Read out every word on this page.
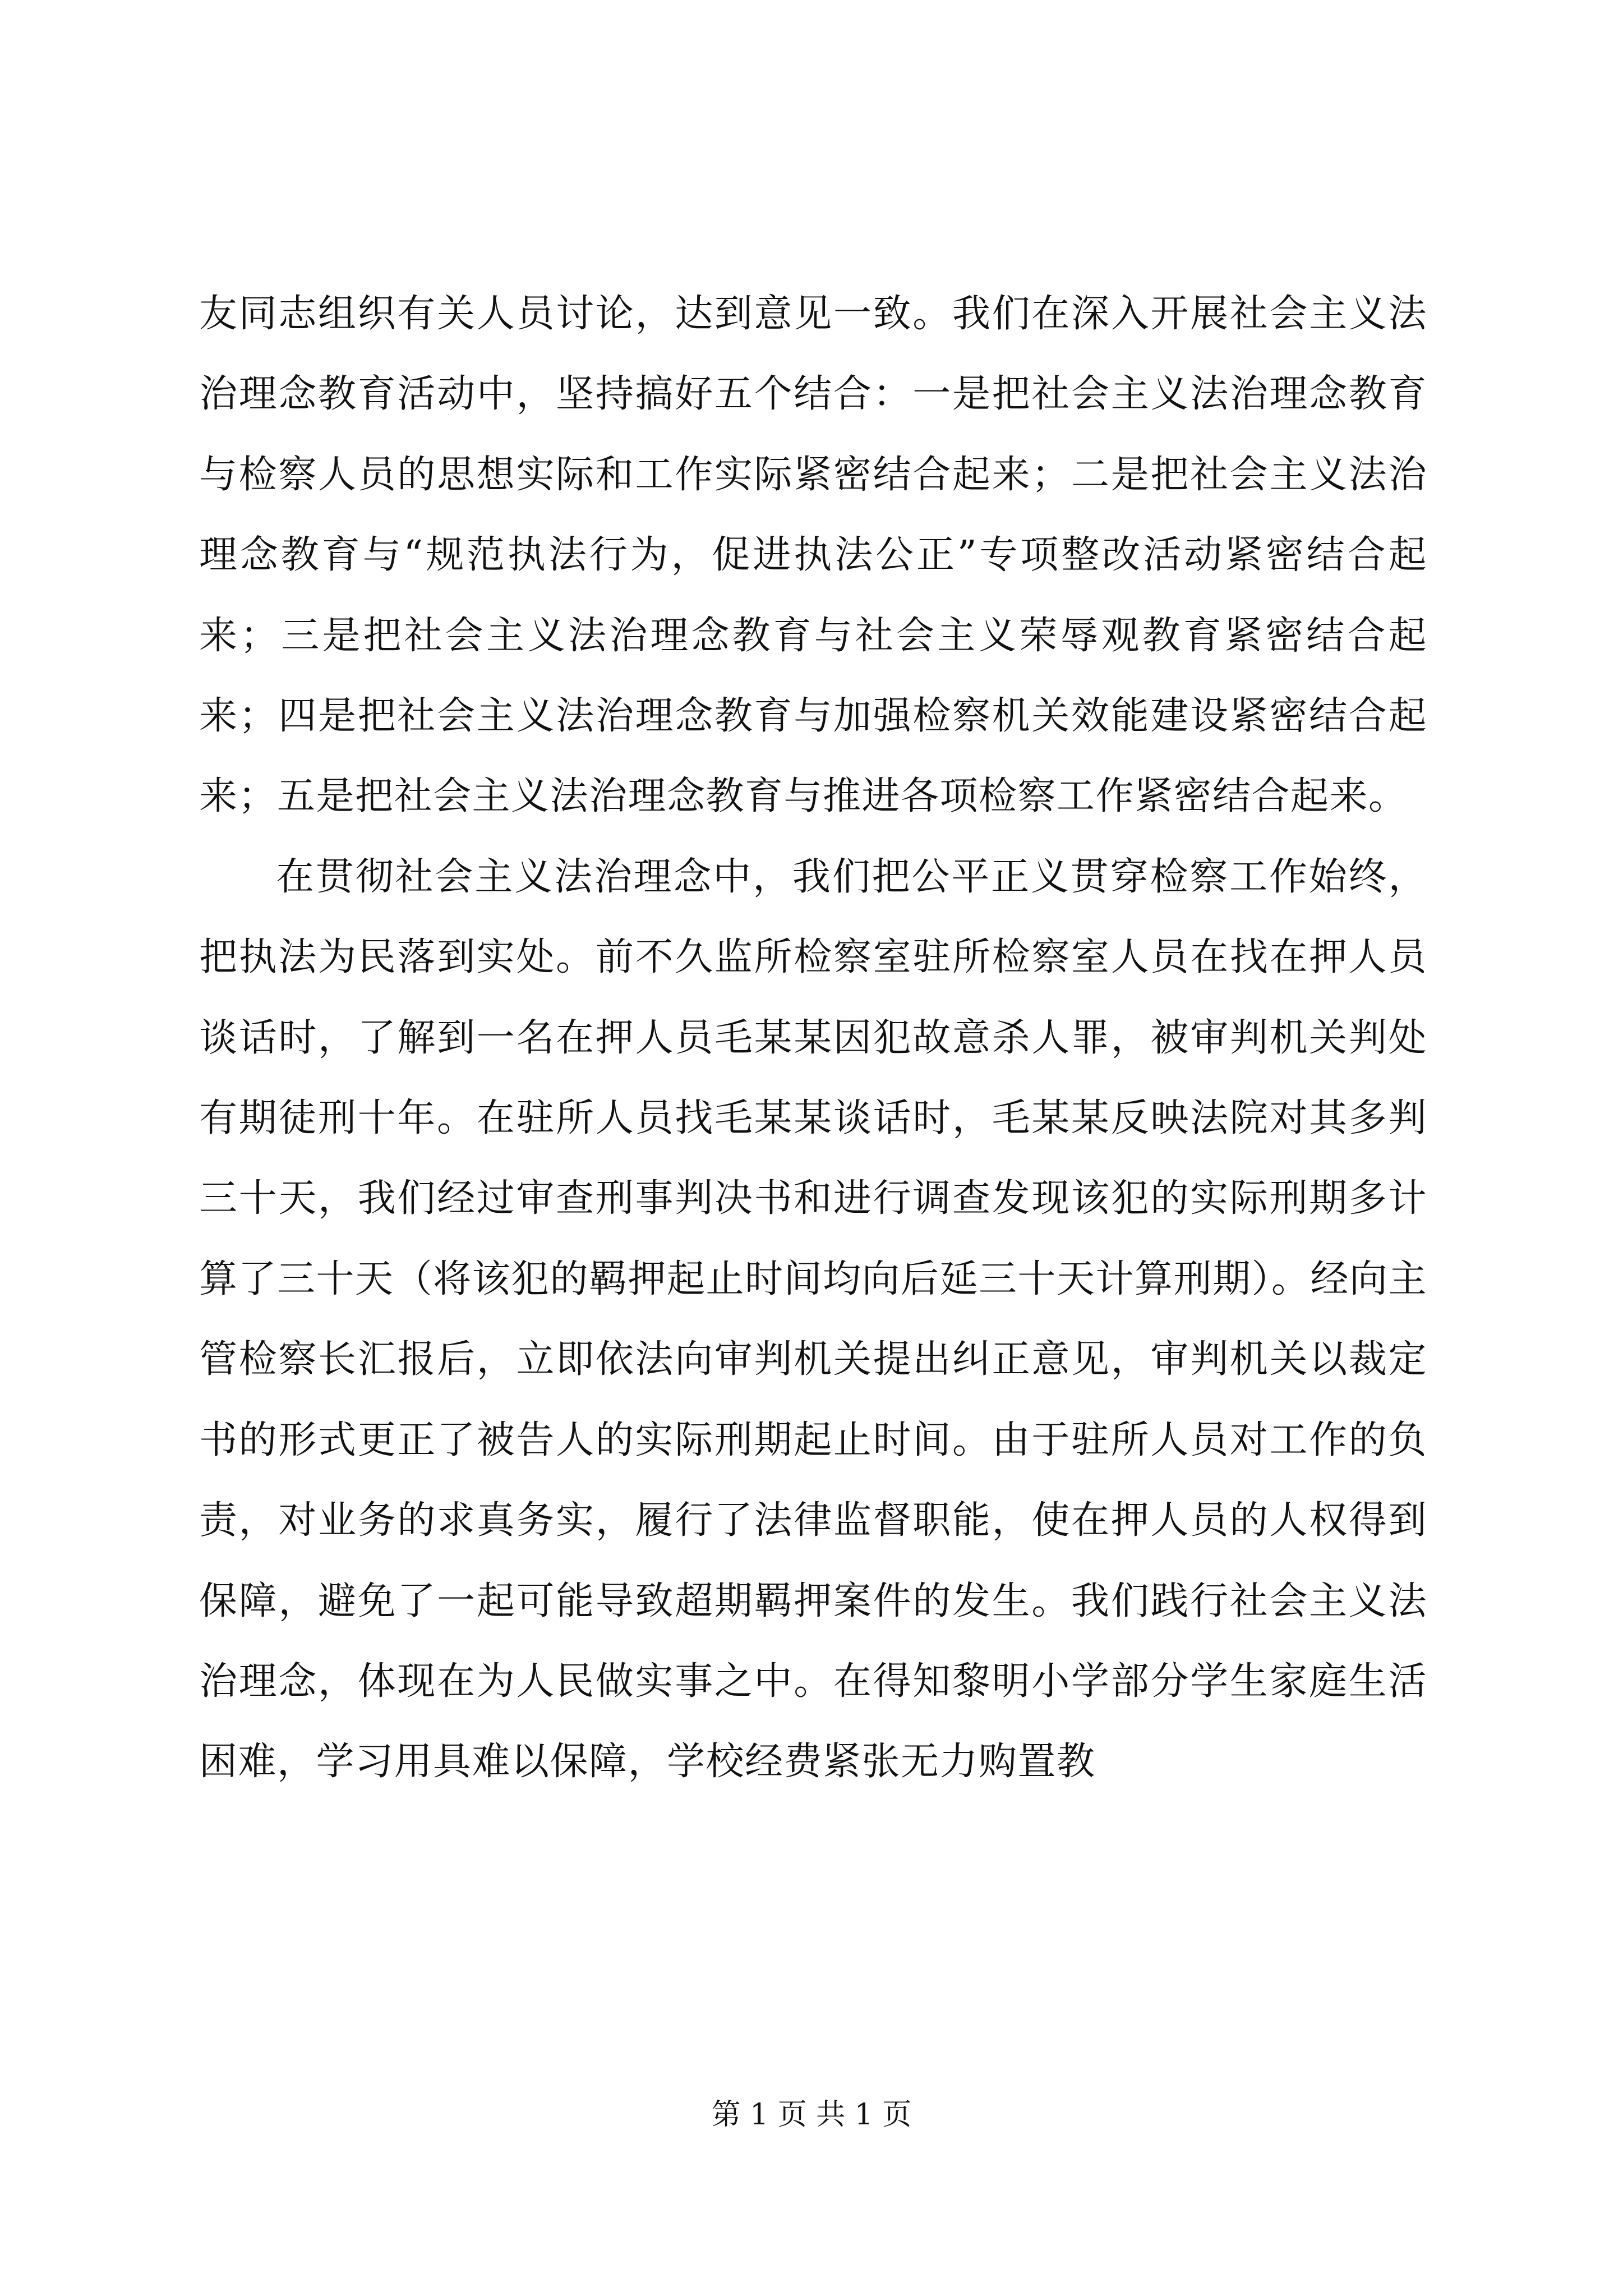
友同志组织有关人员讨论，达到意见一致。我们在深入开展社会主义法治理念教育活动中，坚持搞好五个结合：一是把社会主义法治理念教育与检察人员的思想实际和工作实际紧密结合起来；二是把社会主义法治理念教育与“规范执法行为，促进执法公正”专项整改活动紧密结合起来；三是把社会主义法治理念教育与社会主义荣辱观教育紧密结合起来；四是把社会主义法治理念教育与加强检察机关效能建设紧密结合起来；五是把社会主义法治理念教育与推进各项检察工作紧密结合起来。

在贯彻社会主义法治理念中，我们把公平正义贯穿检察工作始终，把执法为民落到实处。前不久监所检察室驻所检察室人员在找在押人员谈话时，了解到一名在押人员毛某某因犯故意杀人罪，被审判机关判处有期徒刑十年。在驻所人员找毛某某谈话时，毛某某反映法院对其多判三十天，我们经过审查刑事判决书和进行调查发现该犯的实际刑期多计算了三十天（将该犯的羁押起止时间均向后延三十天计算刑期）。经向主管检察长汇报后，立即依法向审判机关提出纠正意见，审判机关以裁定书的形式更正了被告人的实际刑期起止时间。由于驻所人员对工作的负责，对业务的求真务实，履行了法律监督职能，使在押人员的人权得到保障，避免了一起可能导致超期羁押案件的发生。我们践行社会主义法治理念，体现在为人民做实事之中。在得知黎明小学部分学生家庭生活困难，学习用具难以保障，学校经费紧张无力购置教

第 1 页 共 1 页
